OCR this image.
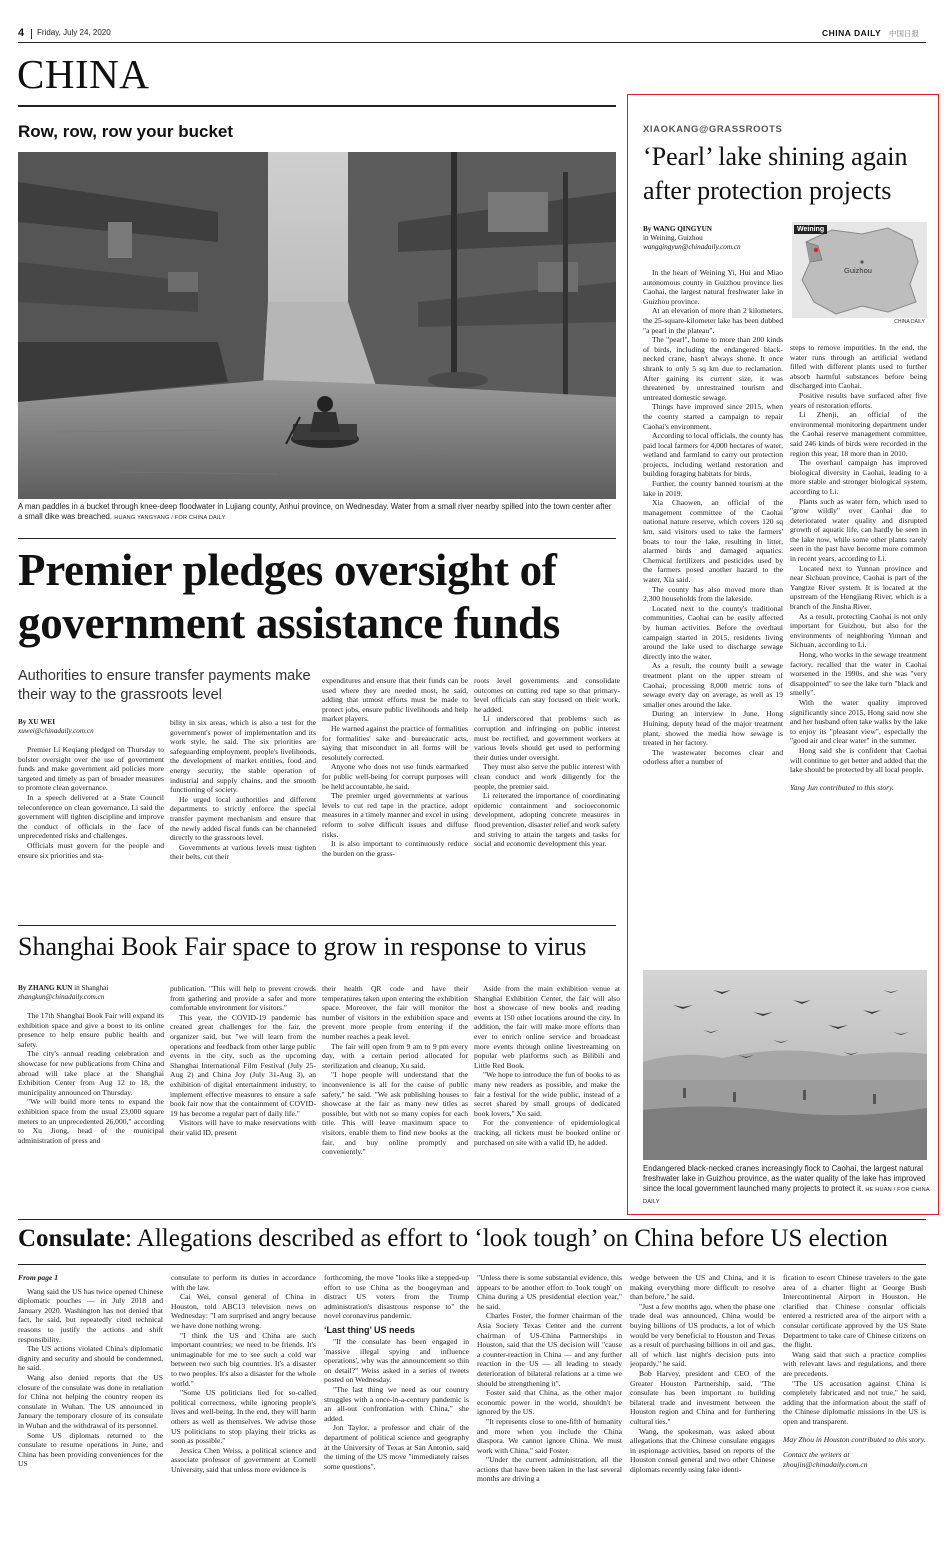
4 Friday, July 24, 2020	CHINA DAILY 中国日报
CHINA
Row, row, row your bucket
A man paddles in a bucket through knee-deep floodwater in Lujiang county, Anhui province, on Wednesday. Water from a small river nearby spilled into the town center after a small dike was breached. HUANG YANGYANG / FOR CHINA DAILY
Premier pledges oversight of government assistance funds
Authorities to ensure transfer payments make their way to the grassroots level

By XU WEI
xuwei@chinadaily.com.cn

Premier Li Keqiang pledged on Thursday to bolster oversight over the use of government funds and make government aid policies more targeted and timely as part of broader measures to promote clean governance.

In a speech delivered at a State Council teleconference on clean governance, Li said the government will tighten discipline and improve the conduct of officials in the face of unprecedented risks and challenges.

Officials must govern for the people and ensure six priorities and sta-

bility in six areas, which is also a test for the government's power of implementation and its work style, he said. The six priorities are safeguarding employment, people's livelihoods, the development of market entities, food and energy security, the stable operation of industrial and supply chains, and the smooth functioning of society.

He urged local authorities and different departments to strictly enforce the special transfer payment mechanism and ensure that the newly added fiscal funds can be channeled directly to the grassroots level.

Governments at various levels must tighten their belts, cut their

expenditures and ensure that their funds can be used where they are needed most, he said, adding that utmost efforts must be made to protect jobs, ensure public livelihoods and help market players.

He warned against the practice of formalities for formalities' sake and bureaucratic acts, saying that misconduct in all forms will be resolutely corrected.

Anyone who does not use funds earmarked for public well-being for corrupt purposes will be held accountable, he said.

The premier urged governments at various levels to cut red tape in the practice, adopt measures in a timely manner and excel in using reform to solve difficult issues and diffuse risks.

It is also important to continuously reduce the burden on the grass-

roots level governments and consolidate outcomes on cutting red tape so that primary-level officials can stay focused on their work, he added.

Li underscored that problems such as corruption and infringing on public interest must be rectified, and government workers at various levels should get used to performing their duties under oversight.

They must also serve the public interest with clean conduct and work diligently for the people, the premier said.

Li reiterated the importance of coordinating epidemic containment and socioeconomic development, adopting concrete measures in flood prevention, disaster relief and work safety and striving to attain the targets and tasks for social and economic development this year.

Shanghai Book Fair space to grow in response to virus

By ZHANG KUN in Shanghai
zhangkun@chinadaily.com.cn

The 17th Shanghai Book Fair will expand its exhibition space and give a boost to its online presence to help ensure public health and safety.

The city's annual reading celebration and showcase for new publications from China and abroad will take place at the Shanghai Exhibition Center from Aug 12 to 18, the municipality announced on Thursday.

"We will build more tents to expand the exhibition space from the usual 23,000 square meters to an unprecedented 26,000," according to Xu Jiong, head of the municipal administration of press and

publication. "This will help to prevent crowds from gathering and provide a safer and more comfortable environment for visitors."

This year, the COVID-19 pandemic has created great challenges for the fair, the organizer said, but "we will learn from the operations and feedback from other large public events in the city, such as the upcoming Shanghai International Film Festival (July 25-Aug 2) and China Joy (July 31-Aug 3), an exhibition of digital entertainment industry, to implement effective measures to ensure a safe book fair now that the containment of COVID-19 has become a regular part of daily life."

Visitors will have to make reservations with their valid ID, present

their health QR code and have their temperatures taken upon entering the exhibition space. Moreover, the fair will monitor the number of visitors in the exhibition space and prevent more people from entering if the number reaches a peak level.

The fair will open from 9 am to 9 pm every day, with a certain period allocated for sterilization and cleanup, Xu said.

"I hope people will understand that the inconvenience is all for the cause of public safety," he said. "We ask publishing houses to showcase at the fair as many new titles as possible, but with not so many copies for each title. This will leave maximum space to visitors, enable them to find new books at the fair, and buy online promptly and conveniently."

Aside from the main exhibition venue at Shanghai Exhibition Center, the fair will also host a showcase of new books and reading events at 150 other locations around the city. In addition, the fair will make more efforts than ever to enrich online service and broadcast more events through online livestreaming on popular web platforms such as Bilibili and Little Red Book.

"We hope to introduce the fun of books to as many new readers as possible, and make the fair a festival for the wide public, instead of a secret shared by small groups of dedicated book lovers," Xu said.

For the convenience of epidemiological tracking, all tickets must be booked online or purchased on site with a valid ID, he added.

XIAOKANG@GRASSROOTS
‘Pearl’ lake shining again after protection projects
By WANG QINGYUN
in Weining, Guizhou
wangqingyun@chinadaily.com.cn
Weining
Guizhou
CHINA DAILY

In the heart of Weining Yi, Hui and Miao autonomous county in Guizhou province lies Caohai, the largest natural freshwater lake in Guizhou province.

At an elevation of more than 2 kilometers, the 25-square-kilometer lake has been dubbed "a pearl in the plateau".

The "pearl", home to more than 200 kinds of birds, including the endangered black-necked crane, hasn't always shone. It once shrank to only 5 sq km due to reclamation. After gaining its current size, it was threatened by unrestrained tourism and untreated domestic sewage.

Things have improved since 2015, when the county started a campaign to repair Caohai's environment.

According to local officials, the county has paid local farmers for 4,000 hectares of water, wetland and farmland to carry out protection projects, including wetland restoration and building foraging habitats for birds.

Further, the county banned tourism at the lake in 2019.

Xia Chaowen, an official of the management committee of the Caohai national nature reserve, which covers 120 sq km, said visitors used to take the farmers' boats to tour the lake, resulting in litter, alarmed birds and damaged aquatics. Chemical fertilizers and pesticides used by the farmers posed another hazard to the water, Xia said.

The county has also moved more than 2,300 households from the lakeside.

Located next to the county's traditional communities, Caohai can be easily affected by human activities. Before the overhaul campaign started in 2015, residents living around the lake used to discharge sewage directly into the water.

As a result, the county built a sewage treatment plant on the upper stream of Caohai, processing 8,000 metric tons of sewage every day on average, as well as 19 smaller ones around the lake.

During an interview in June, Hong Huining, deputy head of the major treatment plant, showed the media how sewage is treated in her factory.

The wastewater becomes clear and odorless after a number of

steps to remove impurities. In the end, the water runs through an artificial wetland filled with different plants used to further absorb harmful substances before being discharged into Caohai.

Positive results have surfaced after five years of restoration efforts.

Li Zhenji, an official of the environmental monitoring department under the Caohai reserve management committee, said 246 kinds of birds were recorded in the region this year, 18 more than in 2010.

The overhaul campaign has improved biological diversity in Caohai, leading to a more stable and stronger biological system, according to Li.

Plants such as water fern, which used to "grow wildly" over Caohai due to deteriorated water quality and disrupted growth of aquatic life, can hardly be seen in the lake now, while some other plants rarely seen in the past have become more common in recent years, according to Li.

Located next to Yunnan province and near Sichuan province, Caohai is part of the Yangtze River system. It is located at the upstream of the Hengjiang River, which is a branch of the Jinsha River.

As a result, protecting Caohai is not only important for Guizhou, but also for the environments of neighboring Yunnan and Sichuan, according to Li.

Hong, who works in the sewage treatment factory, recalled that the water in Caohai worsened in the 1990s, and she was "very disappointed" to see the lake turn "black and smelly".

With the water quality improved significantly since 2015, Hong said now she and her husband often take walks by the lake to enjoy its "pleasant view", especially the "good air and clear water" in the summer.

Hong said she is confident that Caohai will continue to get better and added that the lake should be protected by all local people.

Yang Jun contributed to this story.

Endangered black-necked cranes increasingly flock to Caohai, the largest natural freshwater lake in Guizhou province, as the water quality of the lake has improved since the local government launched many projects to protect it. HE HUAN / FOR CHINA DAILY
Consulate: Allegations described as effort to ‘look tough’ on China before US election

From page 1

Wang said the US has twice opened Chinese diplomatic pouches — in July 2018 and January 2020. Washington has not denied that fact, he said, but repeatedly cited technical reasons to justify the actions and shift responsibility.

The US actions violated China's diplomatic dignity and security and should be condemned, he said.

Wang also denied reports that the US closure of the consulate was done in retaliation for China not helping the country reopen its consulate in Wuhan. The US announced in January the temporary closure of its consulate in Wuhan and the withdrawal of its personnel.

Some US diplomats returned to the consulate to resume operations in June, and China has been providing conveniences for the US

consulate to perform its duties in accordance with the law.

Cai Wei, consul general of China in Houston, told ABC13 television news on Wednesday: "I am surprised and angry because we have done nothing wrong.

"I think the US and China are such important countries; we need to be friends. It's unimaginable for me to see such a cold war between two such big countries. It's a disaster to two peoples. It's also a disaster for the whole world."

"Some US politicians lied for so-called political correctness, while ignoring people's lives and well-being. In the end, they will harm others as well as themselves. We advise those US politicians to stop playing their tricks as soon as possible."

Jessica Chen Weiss, a political science and associate professor of government at Cornell University, said that unless more evidence is

forthcoming, the move "looks like a stepped-up effort to use China as the boogeyman and distract US voters from the Trump administration's disastrous response to" the novel coronavirus pandemic.

‘Last thing’ US needs

"If the consulate has been engaged in 'massive illegal spying and influence operations', why was the announcement so thin on detail?" Weiss asked in a series of tweets posted on Wednesday.

"The last thing we need as our country struggles with a once-in-a-century pandemic is an all-out confrontation with China," she added.

Jon Taylor, a professor and chair of the department of political science and geography at the University of Texas at San Antonio, said the timing of the US move "immediately raises some questions".

"Unless there is some substantial evidence, this appears to be another effort to 'look tough' on China during a US presidential election year," he said.

Charles Foster, the former chairman of the Asia Society Texas Center and the current chairman of US-China Partnerships in Houston, said that the US decision will "cause a counter-reaction in China — and any further reaction in the US — all leading to steady deterioration of bilateral relations at a time we should be strengthening it".

Foster said that China, as the other major economic power in the world, shouldn't be ignored by the US.

"It represents close to one-fifth of humanity and more when you include the China diaspora. We cannot ignore China. We must work with China," said Foster.

"Under the current administration, all the actions that have been taken in the last several months are driving a

wedge between the US and China, and it is making everything more difficult to resolve than before," he said.

"Just a few months ago, when the phase one trade deal was announced, China would be buying billions of US products, a lot of which would be very beneficial to Houston and Texas as a result of purchasing billions in oil and gas, all of which last night's decision puts into jeopardy," he said.

Bob Harvey, president and CEO of the Greater Houston Partnership, said, "The consulate has been important to building bilateral trade and investment between the Houston region and China and for furthering cultural ties."

Wang, the spokesman, was asked about allegations that the Chinese consulate engages in espionage activities, based on reports of the Houston consul general and two other Chinese diplomats recently using fake identi-

fication to escort Chinese travelers to the gate area of a charter flight at George Bush Intercontinental Airport in Houston. He clarified that Chinese consular officials entered a restricted area of the airport with a consular certificate approved by the US State Department to take care of Chinese citizens on the flight.

Wang said that such a practice complies with relevant laws and regulations, and there are precedents.

"The US accusation against China is completely fabricated and not true," he said, adding that the information about the staff of the Chinese diplomatic missions in the US is open and transparent.

May Zhou in Houston contributed to this story.

Contact the writers at

zhoujin@chinadaily.com.cn
